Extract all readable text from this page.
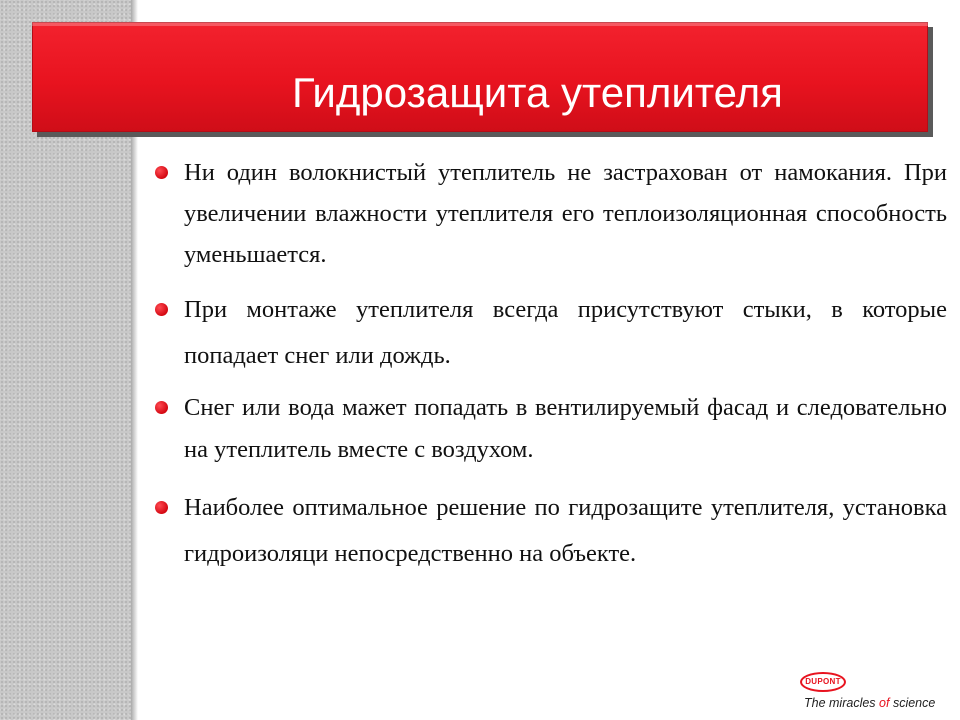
Гидрозащита утеплителя
Ни один волокнистый утеплитель не застрахован от намокания. При увеличении влажности утеплителя его теплоизоляционная способность уменьшается.
При монтаже утеплителя всегда присутствуют стыки, в которые попадает снег или дождь.
Снег или вода мажет попадать в вентилируемый фасад и следовательно на утеплитель вместе с воздухом.
Наиболее оптимальное решение по гидрозащите утеплителя, установка гидроизоляци непосредственно на объекте.
DUPONT
The miracles of science
